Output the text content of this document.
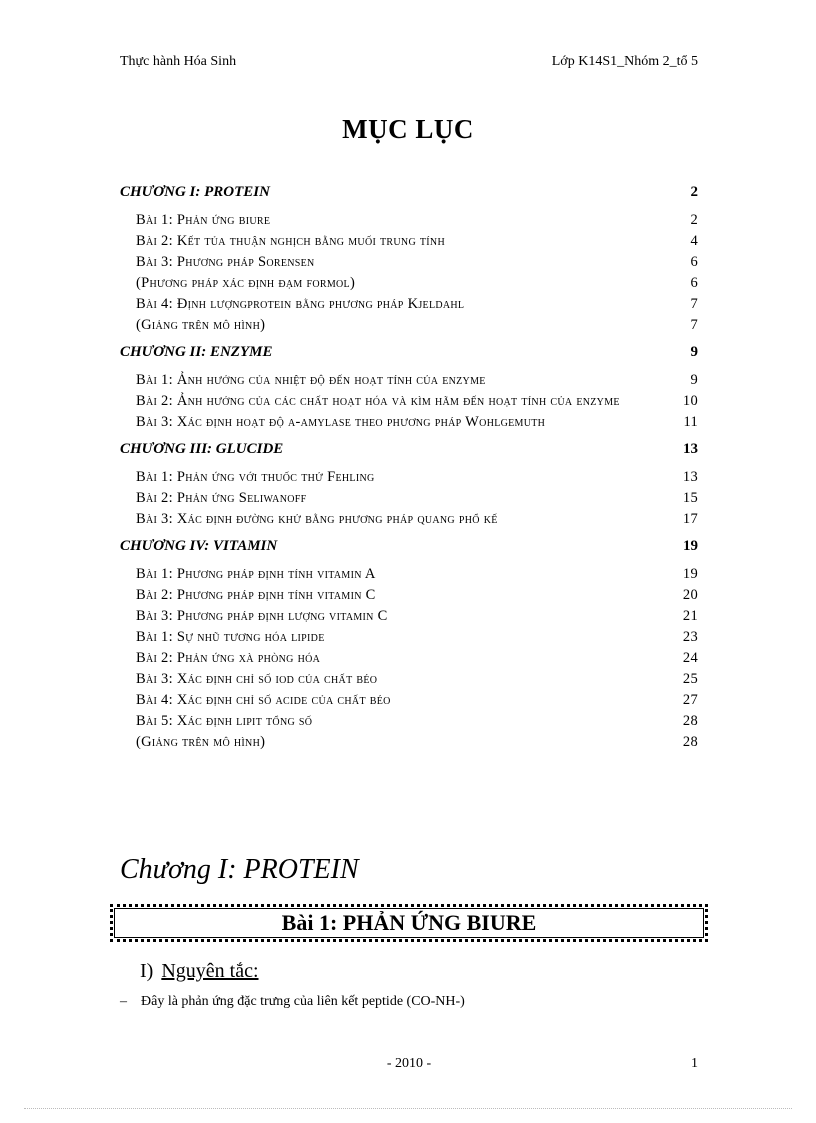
Thực hành Hóa Sinh	Lớp K14S1_Nhóm 2_tổ 5
MỤC LỤC
CHƯƠNG I: PROTEIN	2
Bài 1: Phản ứng biure	2
Bài 2: Kết tủa thuận nghịch bằng muối trung tính	4
Bài 3: Phương pháp Sorensen	6
(Phương pháp xác định đạm formol)	6
Bài 4: Định lượngprotein bằng phương pháp Kjeldahl	7
(Giảng trên mô hình)	7
CHƯƠNG II: ENZYME	9
Bài 1: Ảnh hưởng của nhiệt độ đến hoạt tính của enzyme	9
Bài 2: Ảnh hưởng của các chất hoạt hóa và kìm hãm đến hoạt tính của enzyme	10
Bài 3: Xác định hoạt độ α-amylase theo phương pháp Wohlgemuth	11
CHƯƠNG III: GLUCIDE	13
Bài 1: Phản ứng với thuốc thử Fehling	13
Bài 2: Phản ứng Seliwanoff	15
Bài 3: Xác định đường khử bằng phương pháp quang phổ kế	17
CHƯƠNG IV: VITAMIN	19
Bài 1: Phương pháp định tính vitamin A	19
Bài 2: Phương pháp định tính vitamin C	20
Bài 3: Phương pháp định lượng vitamin C	21
Bài 1: Sự nhũ tương hóa lipide	23
Bài 2: Phản ứng xà phòng hóa	24
Bài 3: Xác định chỉ số iod của chất béo	25
Bài 4: Xác định chỉ số acide của chất béo	27
Bài 5: Xác định lipit tổng số	28
(Giảng trên mô hình)	28
Chương I: PROTEIN
Bài 1: PHẢN ỨNG BIURE
I) Nguyên tắc:
– Đây là phản ứng đặc trưng của liên kết peptide (CO-NH-)
- 2010 -	1
